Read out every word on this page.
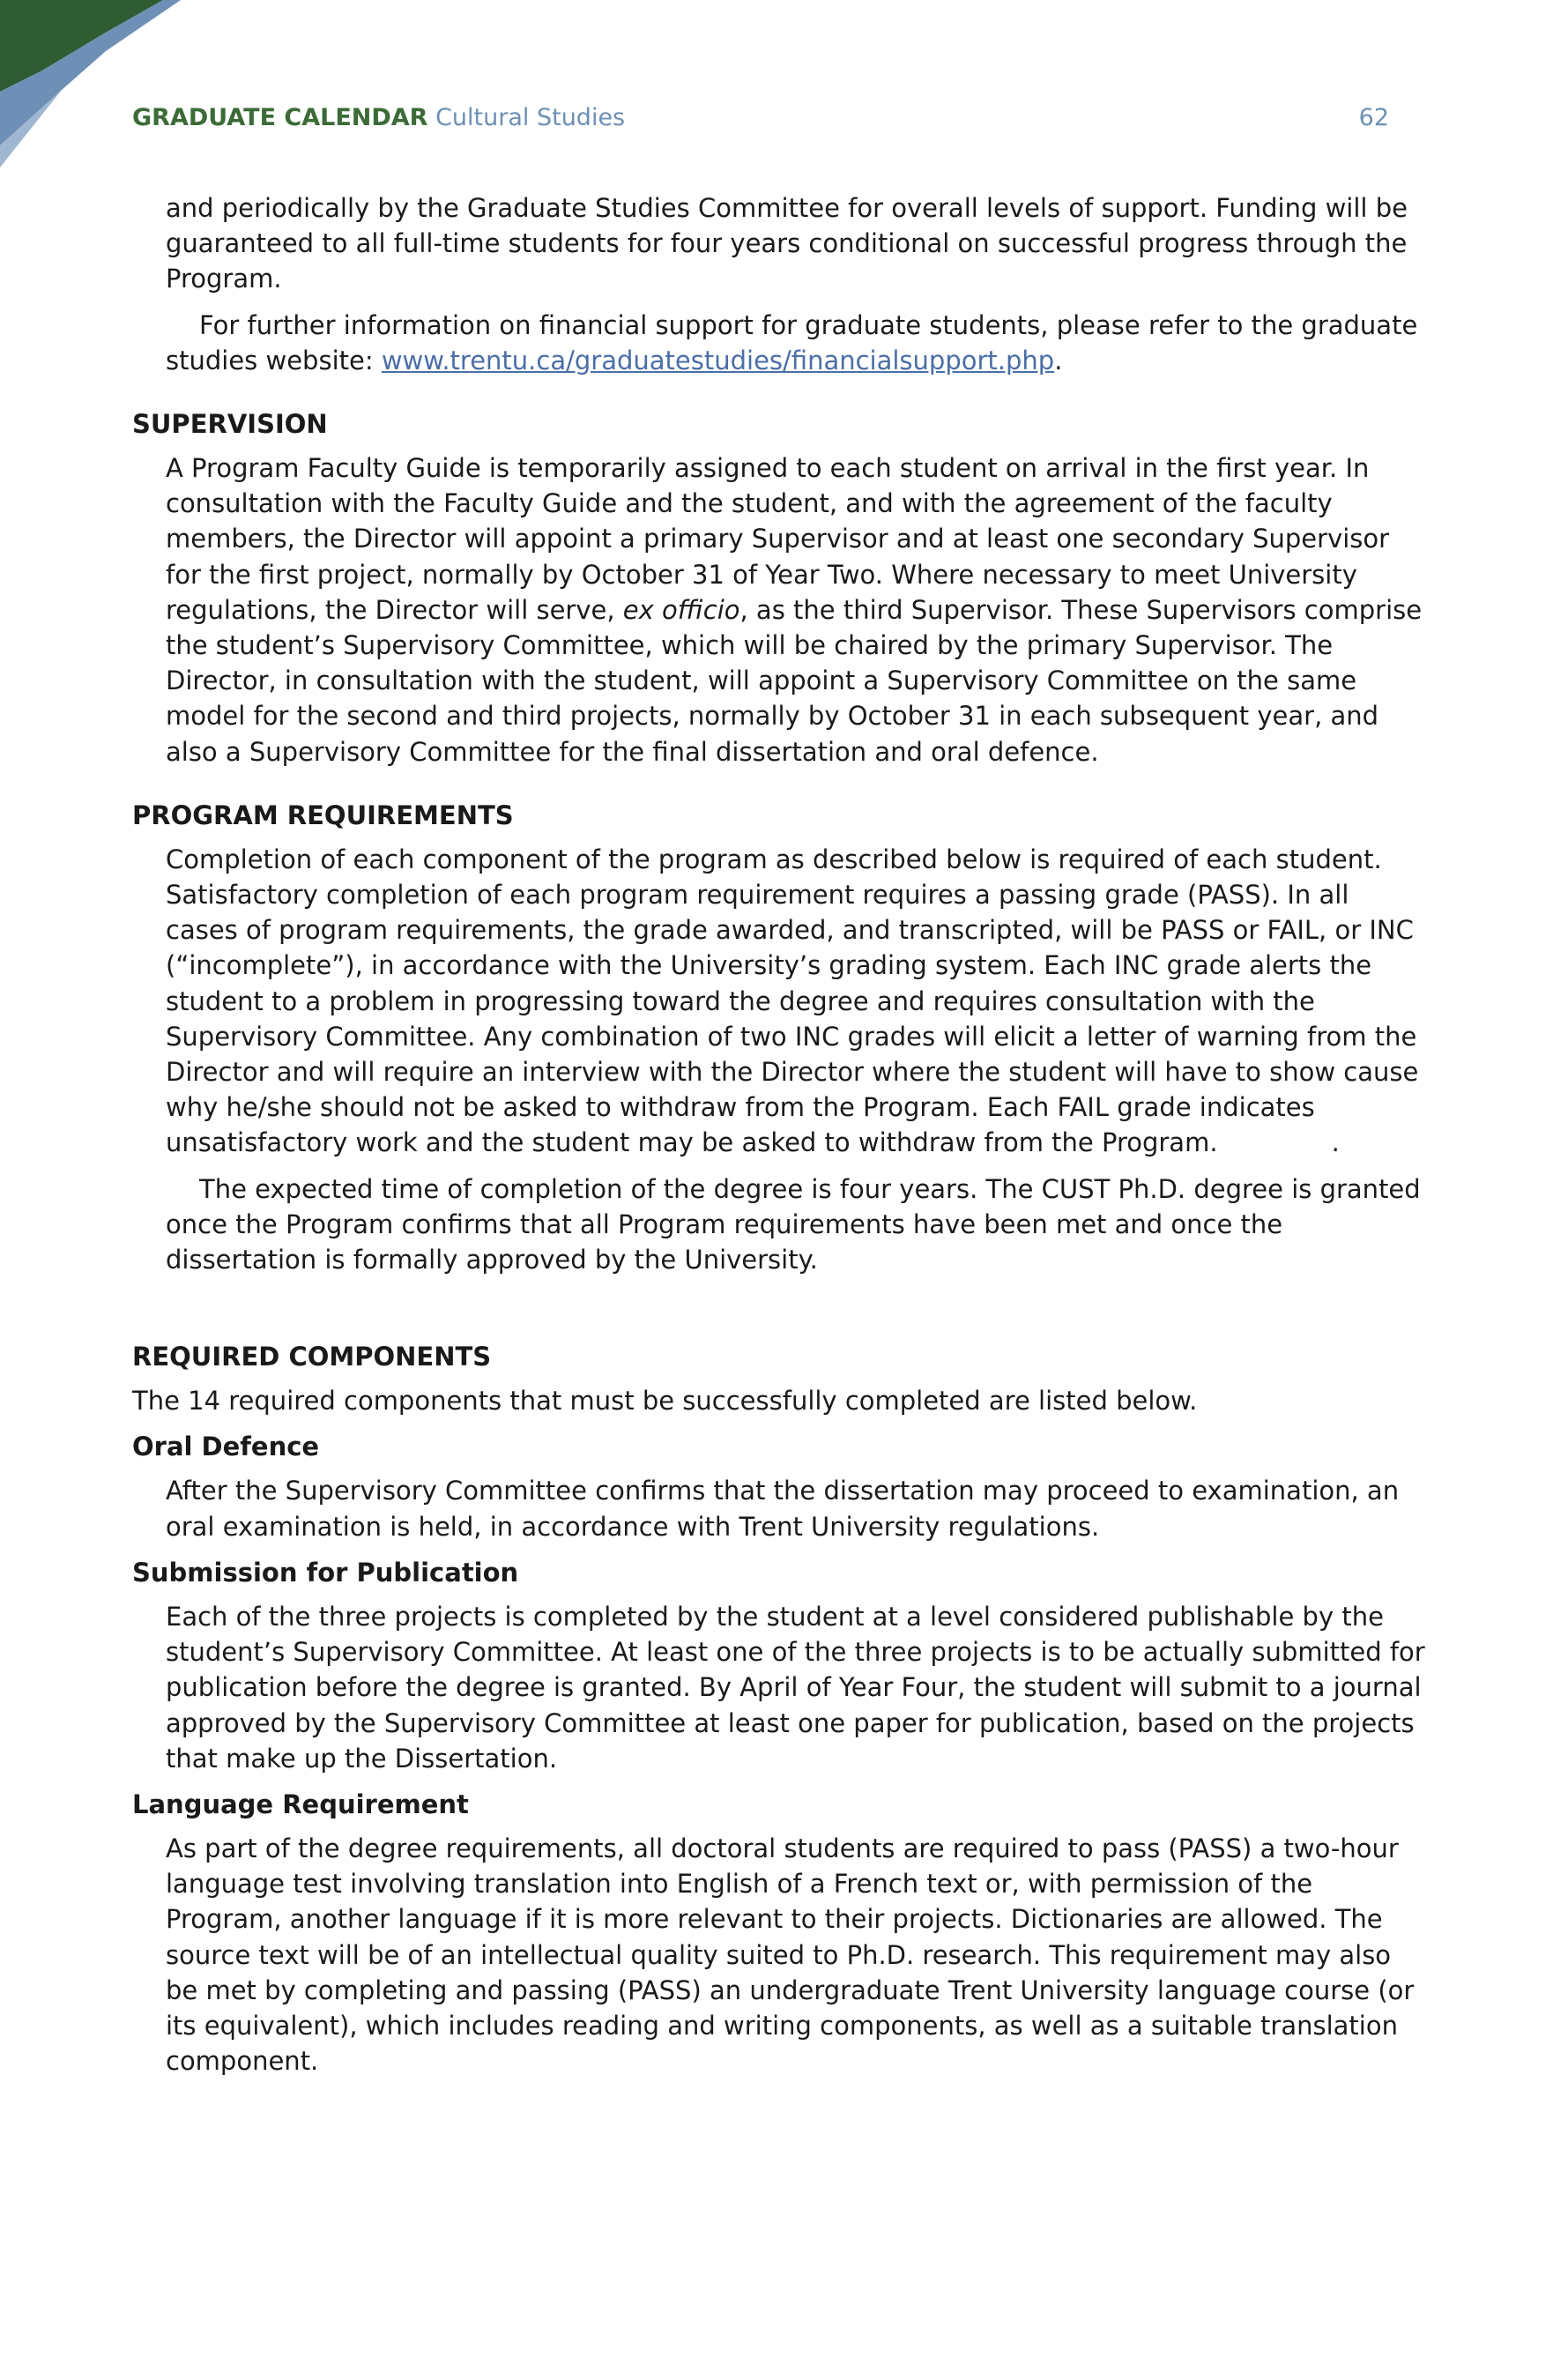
GRADUATE CALENDAR Cultural Studies	62

and periodically by the Graduate Studies Committee for overall levels of support. Funding will be guaranteed to all full-time students for four years conditional on successful progress through the Program.

For further information on financial support for graduate students, please refer to the graduate studies website: www.trentu.ca/graduatestudies/financialsupport.php.

SUPERVISION

A Program Faculty Guide is temporarily assigned to each student on arrival in the first year. In consultation with the Faculty Guide and the student, and with the agreement of the faculty members, the Director will appoint a primary Supervisor and at least one secondary Supervisor for the first project, normally by October 31 of Year Two. Where necessary to meet University regulations, the Director will serve, ex officio, as the third Supervisor. These Supervisors comprise the student’s Supervisory Committee, which will be chaired by the primary Supervisor. The Director, in consultation with the student, will appoint a Supervisory Committee on the same model for the second and third projects, normally by October 31 in each subsequent year, and also a Supervisory Committee for the final dissertation and oral defence.

PROGRAM REQUIREMENTS

Completion of each component of the program as described below is required of each student. Satisfactory completion of each program requirement requires a passing grade (PASS). In all cases of program requirements, the grade awarded, and transcripted, will be PASS or FAIL, or INC (“incomplete”), in accordance with the University’s grading system. Each INC grade alerts the student to a problem in progressing toward the degree and requires consultation with the Supervisory Committee. Any combination of two INC grades will elicit a letter of warning from the Director and will require an interview with the Director where the student will have to show cause why he/she should not be asked to withdraw from the Program. Each FAIL grade indicates unsatisfactory work and the student may be asked to withdraw from the Program.              .

The expected time of completion of the degree is four years. The CUST Ph.D. degree is granted once the Program confirms that all Program requirements have been met and once the dissertation is formally approved by the University.

REQUIRED COMPONENTS

The 14 required components that must be successfully completed are listed below.

Oral Defence

After the Supervisory Committee confirms that the dissertation may proceed to examination, an oral examination is held, in accordance with Trent University regulations.

Submission for Publication

Each of the three projects is completed by the student at a level considered publishable by the student’s Supervisory Committee. At least one of the three projects is to be actually submitted for publication before the degree is granted. By April of Year Four, the student will submit to a journal approved by the Supervisory Committee at least one paper for publication, based on the projects that make up the Dissertation.

Language Requirement

As part of the degree requirements, all doctoral students are required to pass (PASS) a two-hour language test involving translation into English of a French text or, with permission of the Program, another language if it is more relevant to their projects. Dictionaries are allowed. The source text will be of an intellectual quality suited to Ph.D. research. This requirement may also be met by completing and passing (PASS) an undergraduate Trent University language course (or its equivalent), which includes reading and writing components, as well as a suitable translation component.
